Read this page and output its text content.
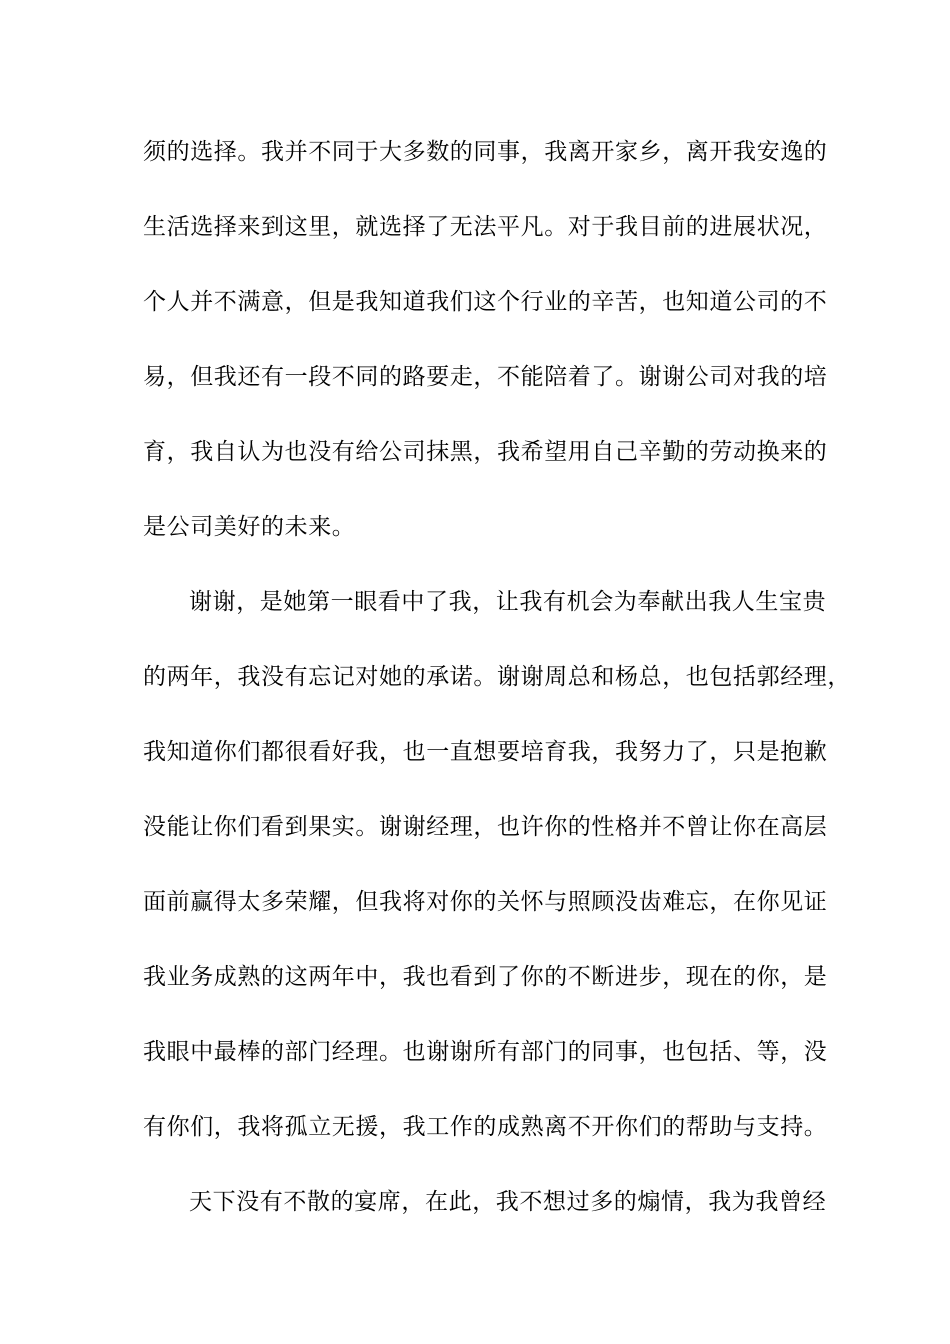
须的选择。我并不同于大多数的同事，我离开家乡，离开我安逸的
生活选择来到这里，就选择了无法平凡。对于我目前的进展状况，
个人并不满意，但是我知道我们这个行业的辛苦，也知道公司的不
易，但我还有一段不同的路要走，不能陪着了。谢谢公司对我的培
育，我自认为也没有给公司抹黑，我希望用自己辛勤的劳动换来的
是公司美好的未来。
谢谢，是她第一眼看中了我，让我有机会为奉献出我人生宝贵
的两年，我没有忘记对她的承诺。谢谢周总和杨总，也包括郭经理，
我知道你们都很看好我，也一直想要培育我，我努力了，只是抱歉
没能让你们看到果实。谢谢经理，也许你的性格并不曾让你在高层
面前赢得太多荣耀，但我将对你的关怀与照顾没齿难忘，在你见证
我业务成熟的这两年中，我也看到了你的不断进步，现在的你，是
我眼中最棒的部门经理。也谢谢所有部门的同事，也包括、等，没
有你们，我将孤立无援，我工作的成熟离不开你们的帮助与支持。
天下没有不散的宴席，在此，我不想过多的煽情，我为我曾经
